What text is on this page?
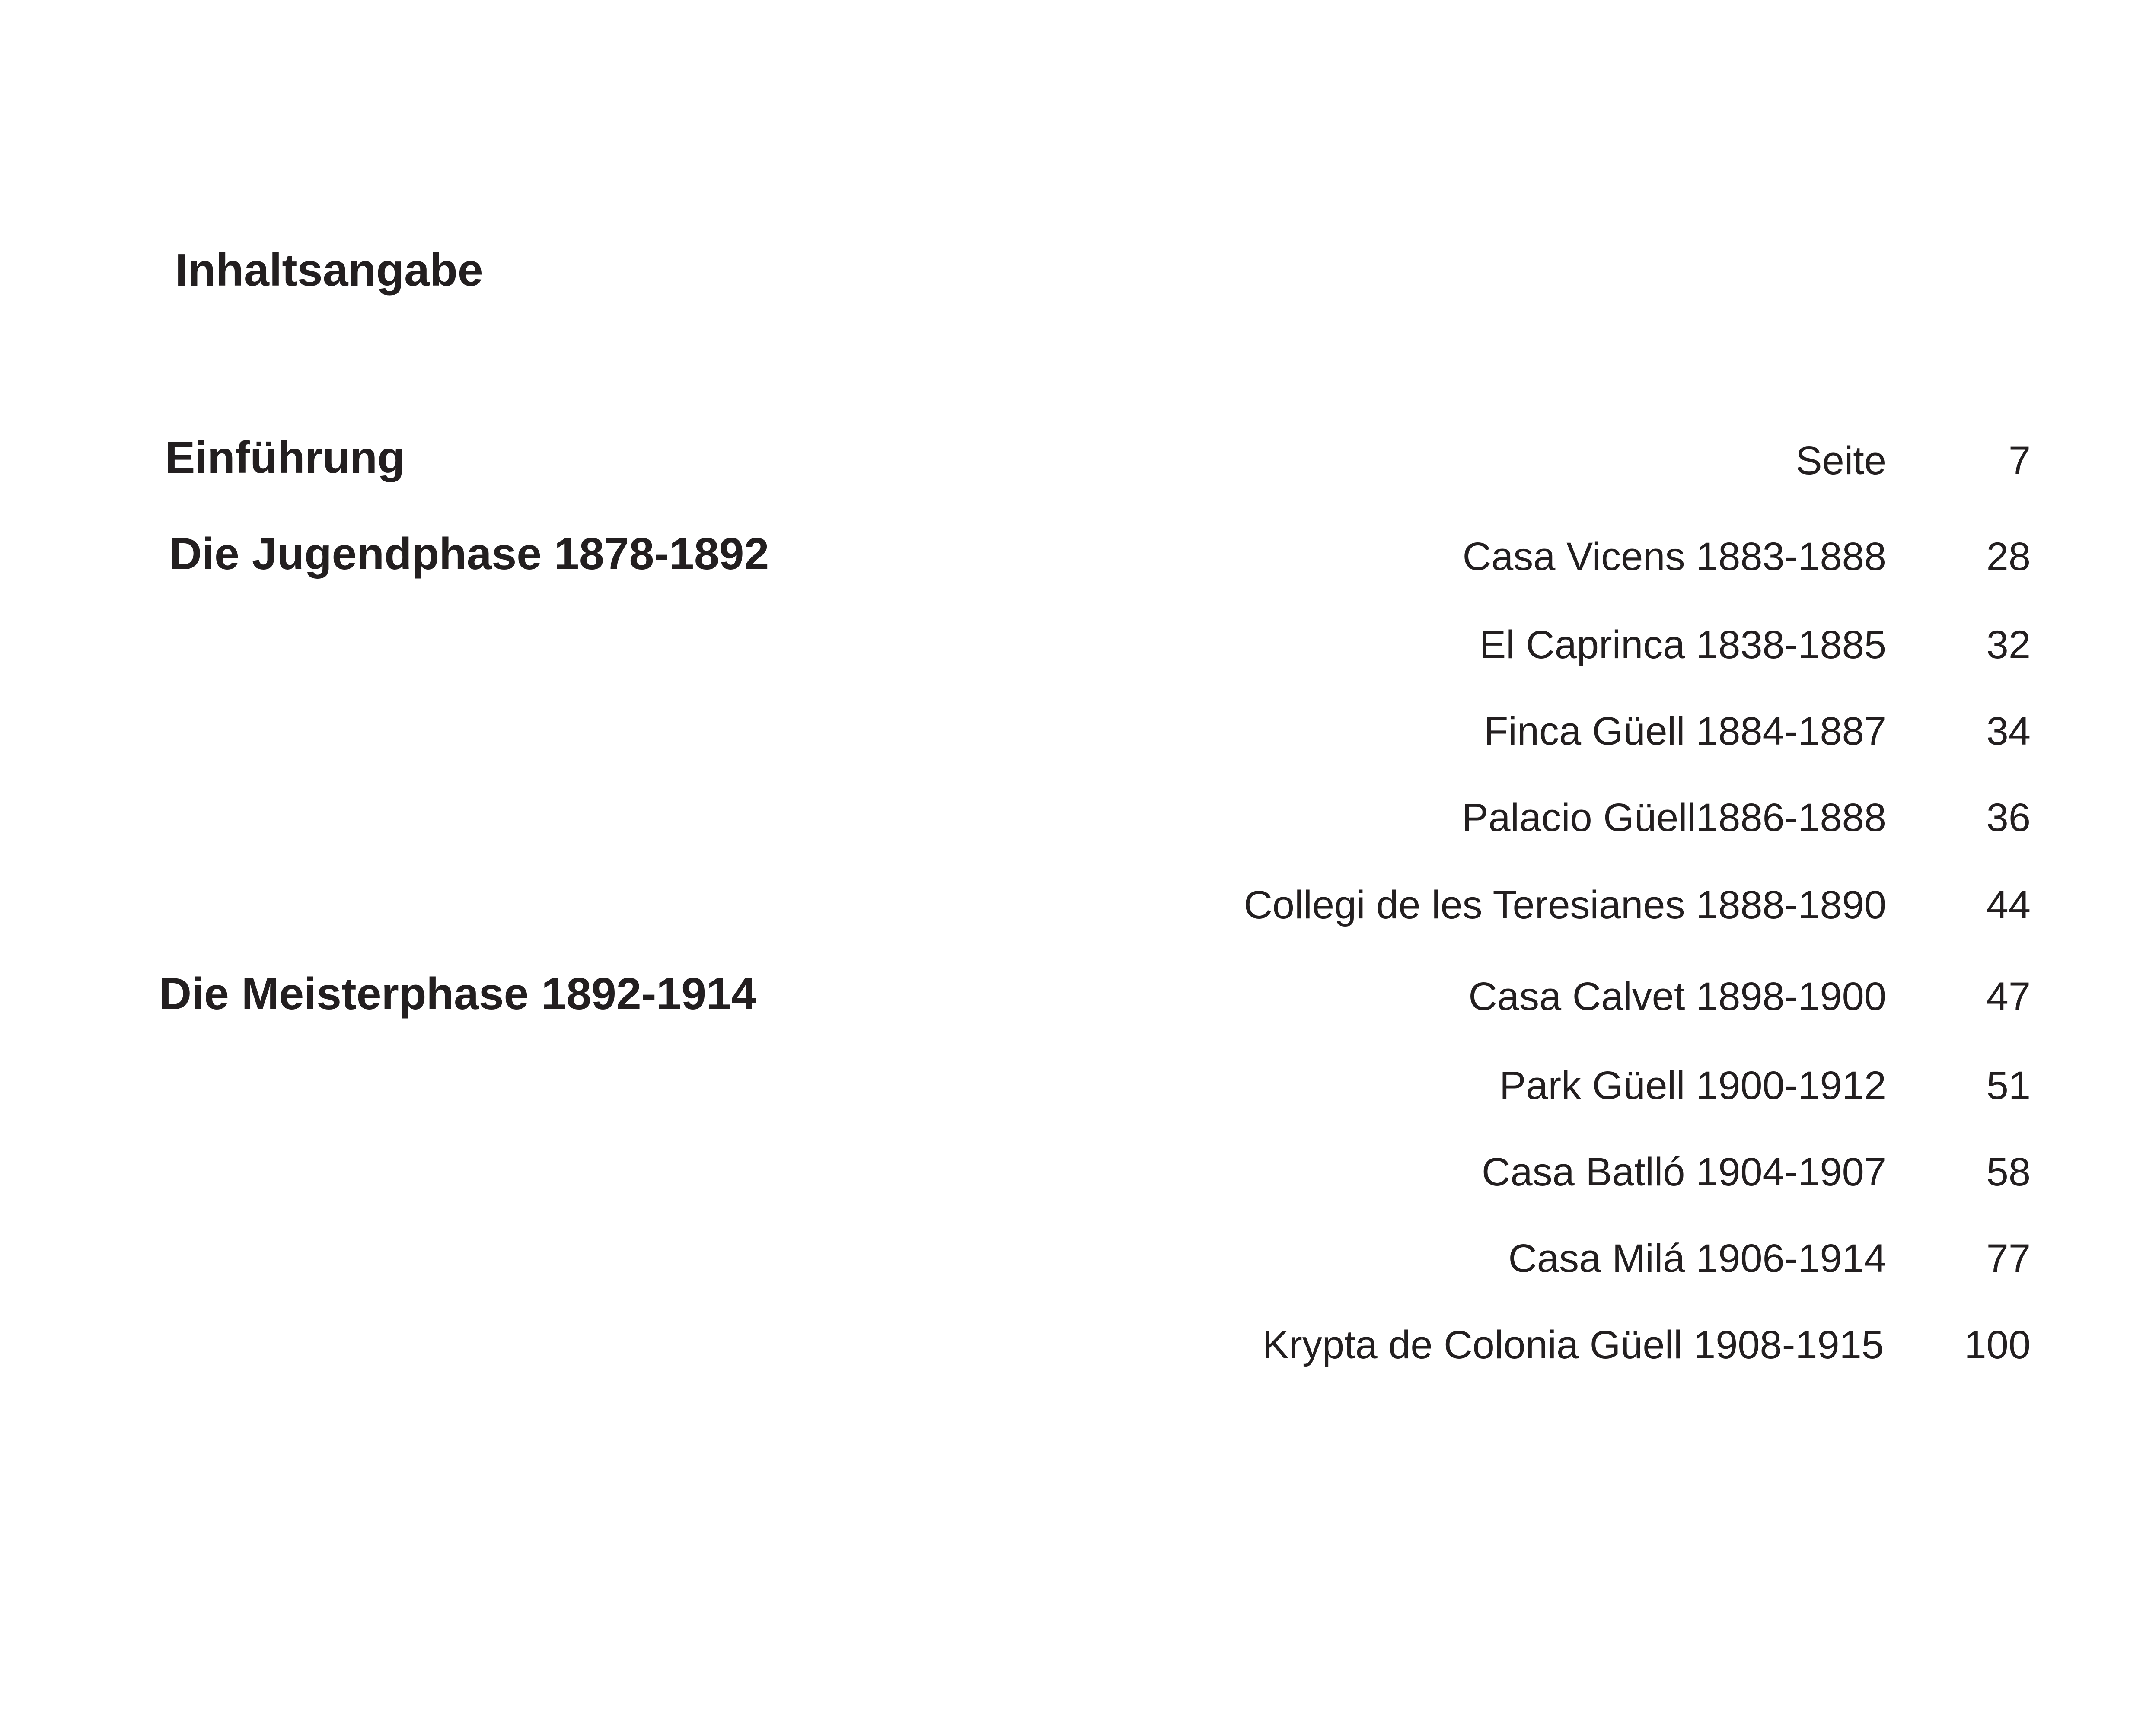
Inhaltsangabe
Einführung
Die Jugendphase 1878-1892
Die Meisterphase 1892-1914
Seite	7
Casa Vicens 1883-1888	28
El Caprinca 1838-1885	32
Finca Güell 1884-1887	34
Palacio Güell1886-1888	36
Collegi de les Teresianes 1888-1890	44
Casa Calvet 1898-1900	47
Park Güell 1900-1912	51
Casa Batlló 1904-1907	58
Casa Milá 1906-1914	77
Krypta de Colonia Güell 1908-1915 100
